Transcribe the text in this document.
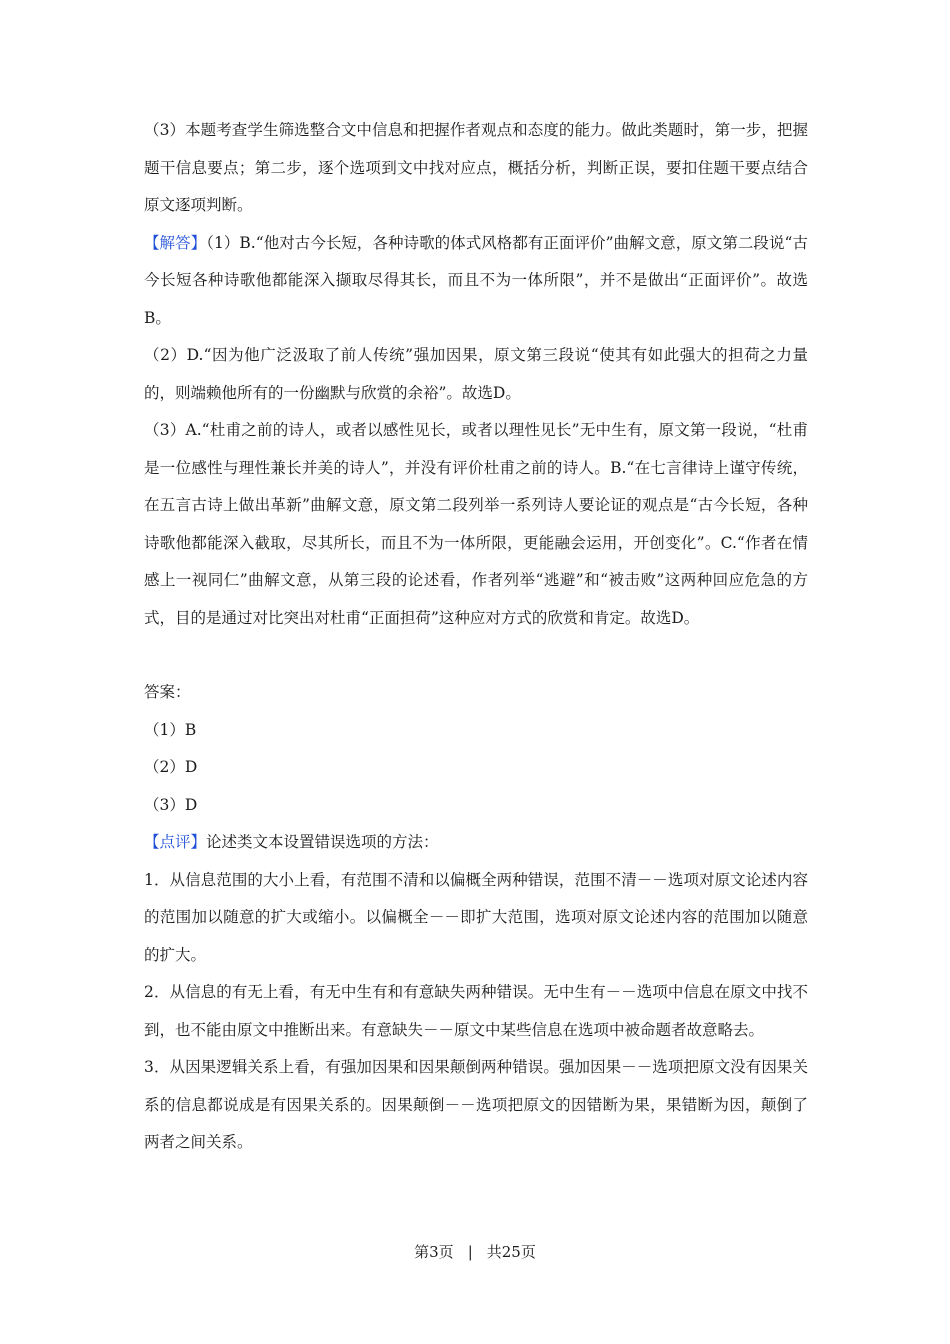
（3）本题考查学生筛选整合文中信息和把握作者观点和态度的能力。做此类题时，第一步，把握题干信息要点；第二步，逐个选项到文中找对应点，概括分析，判断正误，要扣住题干要点结合原文逐项判断。

【解答】（1）B.“他对古今长短，各种诗歌的体式风格都有正面评价”曲解文意，原文第二段说“古今长短各种诗歌他都能深入撷取尽得其长，而且不为一体所限”，并不是做出“正面评价”。故选B。

（2）D.“因为他广泛汲取了前人传统”强加因果，原文第三段说“使其有如此强大的担荷之力量的，则端赖他所有的一份幽默与欣赏的余裕”。故选D。

（3）A.“杜甫之前的诗人，或者以感性见长，或者以理性见长”无中生有，原文第一段说，“杜甫是一位感性与理性兼长并美的诗人”，并没有评价杜甫之前的诗人。B.“在七言律诗上谨守传统，在五言古诗上做出革新”曲解文意，原文第二段列举一系列诗人要论证的观点是“古今长短，各种诗歌他都能深入截取，尽其所长，而且不为一体所限，更能融会运用，开创变化”。C.“作者在情感上一视同仁”曲解文意，从第三段的论述看，作者列举“逃避”和“被击败”这两种回应危急的方式，目的是通过对比突出对杜甫“正面担荷”这种应对方式的欣赏和肯定。故选D。

答案：

（1）B

（2）D

（3）D

【点评】论述类文本设置错误选项的方法：

1．从信息范围的大小上看，有范围不清和以偏概全两种错误，范围不清－－选项对原文论述内容的范围加以随意的扩大或缩小。以偏概全－－即扩大范围，选项对原文论述内容的范围加以随意的扩大。

2．从信息的有无上看，有无中生有和有意缺失两种错误。无中生有－－选项中信息在原文中找不到，也不能由原文中推断出来。有意缺失－－原文中某些信息在选项中被命题者故意略去。

3．从因果逻辑关系上看，有强加因果和因果颠倒两种错误。强加因果－－选项把原文没有因果关系的信息都说成是有因果关系的。因果颠倒－－选项把原文的因错断为果，果错断为因，颠倒了两者之间关系。

第3页 | 共25页
